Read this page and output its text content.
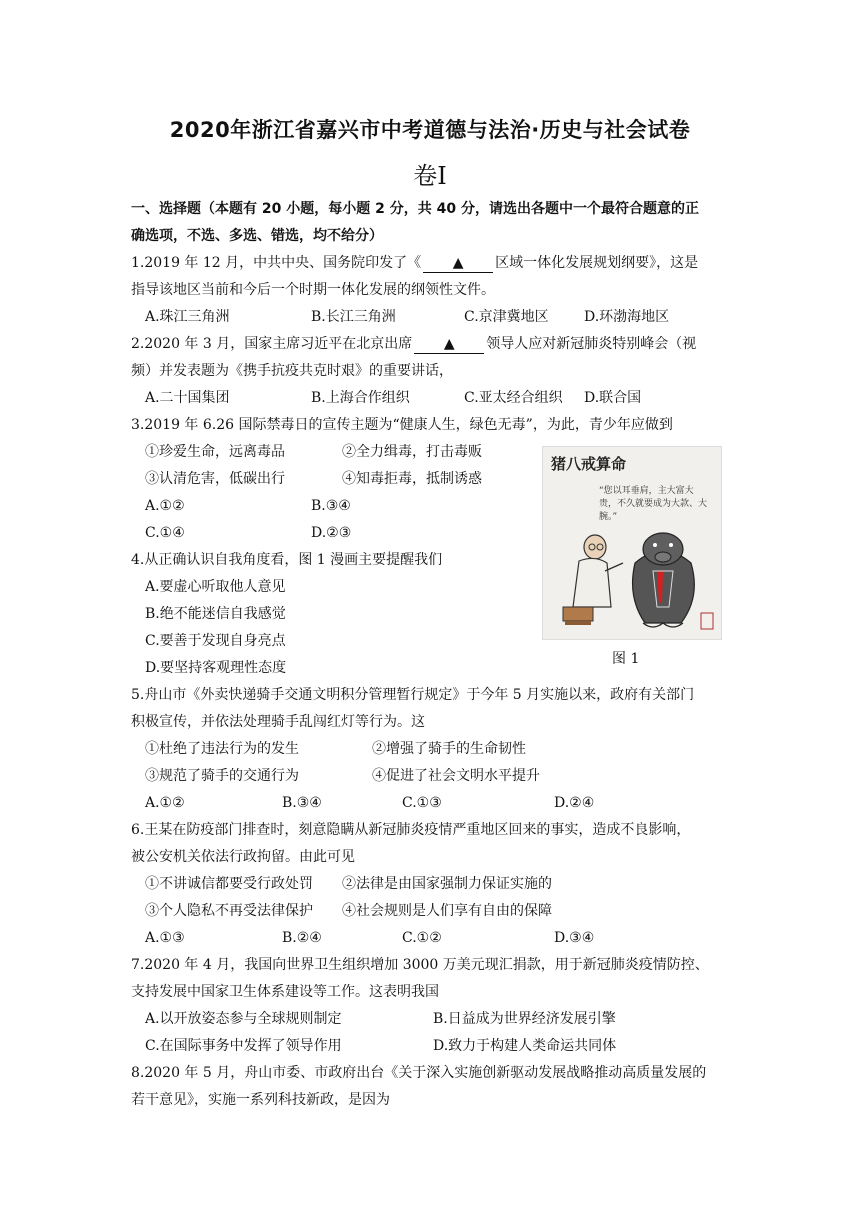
2020年浙江省嘉兴市中考道德与法治·历史与社会试卷
卷Ⅰ
一、选择题（本题有 20 小题，每小题 2 分，共 40 分，请选出各题中一个最符合题意的正
确选项，不选、多选、错选，均不给分）
1.2019 年 12 月，中共中央、国务院印发了《 ▲ 区域一体化发展规划纲要》，这是
指导该地区当前和今后一个时期一体化发展的纲领性文件。
A.珠江三角洲	B.长江三角洲	C.京津冀地区	D.环渤海地区
2.2020 年 3 月，国家主席习近平在北京出席 ▲ 领导人应对新冠肺炎特别峰会（视
频）并发表题为《携手抗疫共克时艰》的重要讲话，
A.二十国集团	B.上海合作组织	C.亚太经合组织 D.联合国
3.2019 年 6.26 国际禁毒日的宣传主题为“健康人生，绿色无毒”，为此，青少年应做到
①珍爱生命，远离毒品	②全力缉毒，打击毒贩
③认清危害，低碳出行	④知毒拒毒，抵制诱惑
A.①②	B.③④
C.①④	D.②③
猪八戒算命
“您以耳垂肩，主大富大
贵，不久就要成为大款、大
腕。”
图 1
4.从正确认识自我角度看，图 1 漫画主要提醒我们
A.要虚心听取他人意见
B.绝不能迷信自我感觉
C.要善于发现自身亮点
D.要坚持客观理性态度
5.舟山市《外卖快递骑手交通文明积分管理暂行规定》于今年 5 月实施以来，政府有关部门
积极宣传，并依法处理骑手乱闯红灯等行为。这
①杜绝了违法行为的发生	②增强了骑手的生命韧性
③规范了骑手的交通行为	④促进了社会文明水平提升
A.①②	B.③④	C.①③	D.②④
6.王某在防疫部门排查时，刻意隐瞒从新冠肺炎疫情严重地区回来的事实，造成不良影响，
被公安机关依法行政拘留。由此可见
①不讲诚信都要受行政处罚 ②法律是由国家强制力保证实施的
③个人隐私不再受法律保护 ④社会规则是人们享有自由的保障
A.①③	B.②④	C.①②	D.③④
7.2020 年 4 月，我国向世界卫生组织增加 3000 万美元现汇捐款，用于新冠肺炎疫情防控、
支持发展中国家卫生体系建设等工作。这表明我国
A.以开放姿态参与全球规则制定	B.日益成为世界经济发展引擎
C.在国际事务中发挥了领导作用	D.致力于构建人类命运共同体
8.2020 年 5 月，舟山市委、市政府出台《关于深入实施创新驱动发展战略推动高质量发展的
若干意见》，实施一系列科技新政，是因为
